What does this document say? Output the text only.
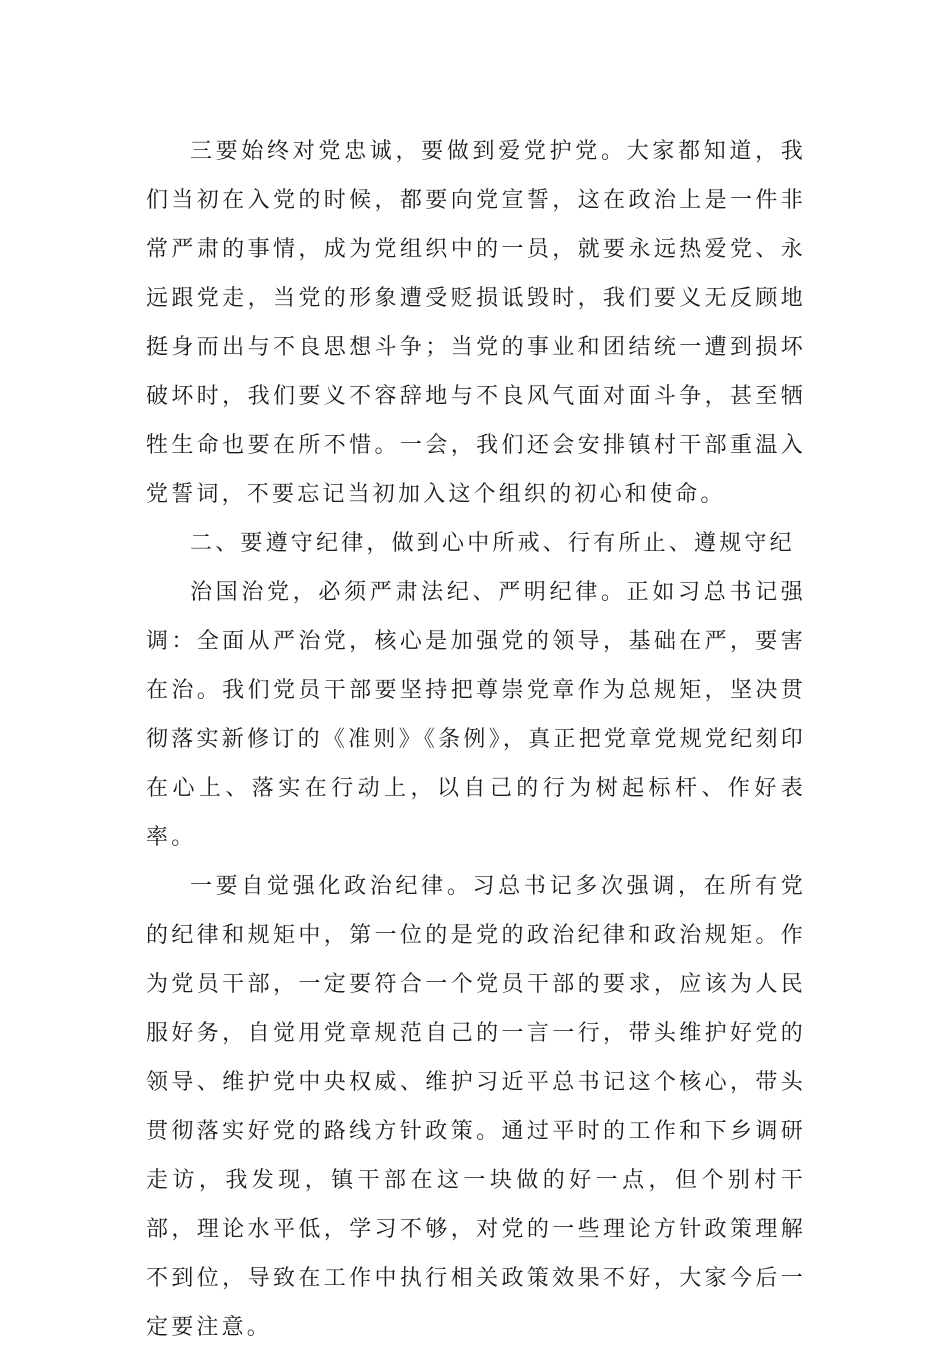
三要始终对党忠诚，要做到爱党护党。大家都知道，我们当初在入党的时候，都要向党宣誓，这在政治上是一件非常严肃的事情，成为党组织中的一员，就要永远热爱党、永远跟党走，当党的形象遭受贬损诋毁时，我们要义无反顾地挺身而出与不良思想斗争；当党的事业和团结统一遭到损坏破坏时，我们要义不容辞地与不良风气面对面斗争，甚至牺牲生命也要在所不惜。一会，我们还会安排镇村干部重温入党誓词，不要忘记当初加入这个组织的初心和使命。

二、要遵守纪律，做到心中所戒、行有所止、遵规守纪

治国治党，必须严肃法纪、严明纪律。正如习总书记强调：全面从严治党，核心是加强党的领导，基础在严，要害在治。我们党员干部要坚持把尊崇党章作为总规矩，坚决贯彻落实新修订的《准则》《条例》，真正把党章党规党纪刻印在心上、落实在行动上，以自己的行为树起标杆、作好表率。

一要自觉强化政治纪律。习总书记多次强调，在所有党的纪律和规矩中，第一位的是党的政治纪律和政治规矩。作为党员干部，一定要符合一个党员干部的要求，应该为人民服好务，自觉用党章规范自己的一言一行，带头维护好党的领导、维护党中央权威、维护习近平总书记这个核心，带头贯彻落实好党的路线方针政策。通过平时的工作和下乡调研走访，我发现，镇干部在这一块做的好一点，但个别村干部，理论水平低，学习不够，对党的一些理论方针政策理解不到位，导致在工作中执行相关政策效果不好，大家今后一定要注意。
